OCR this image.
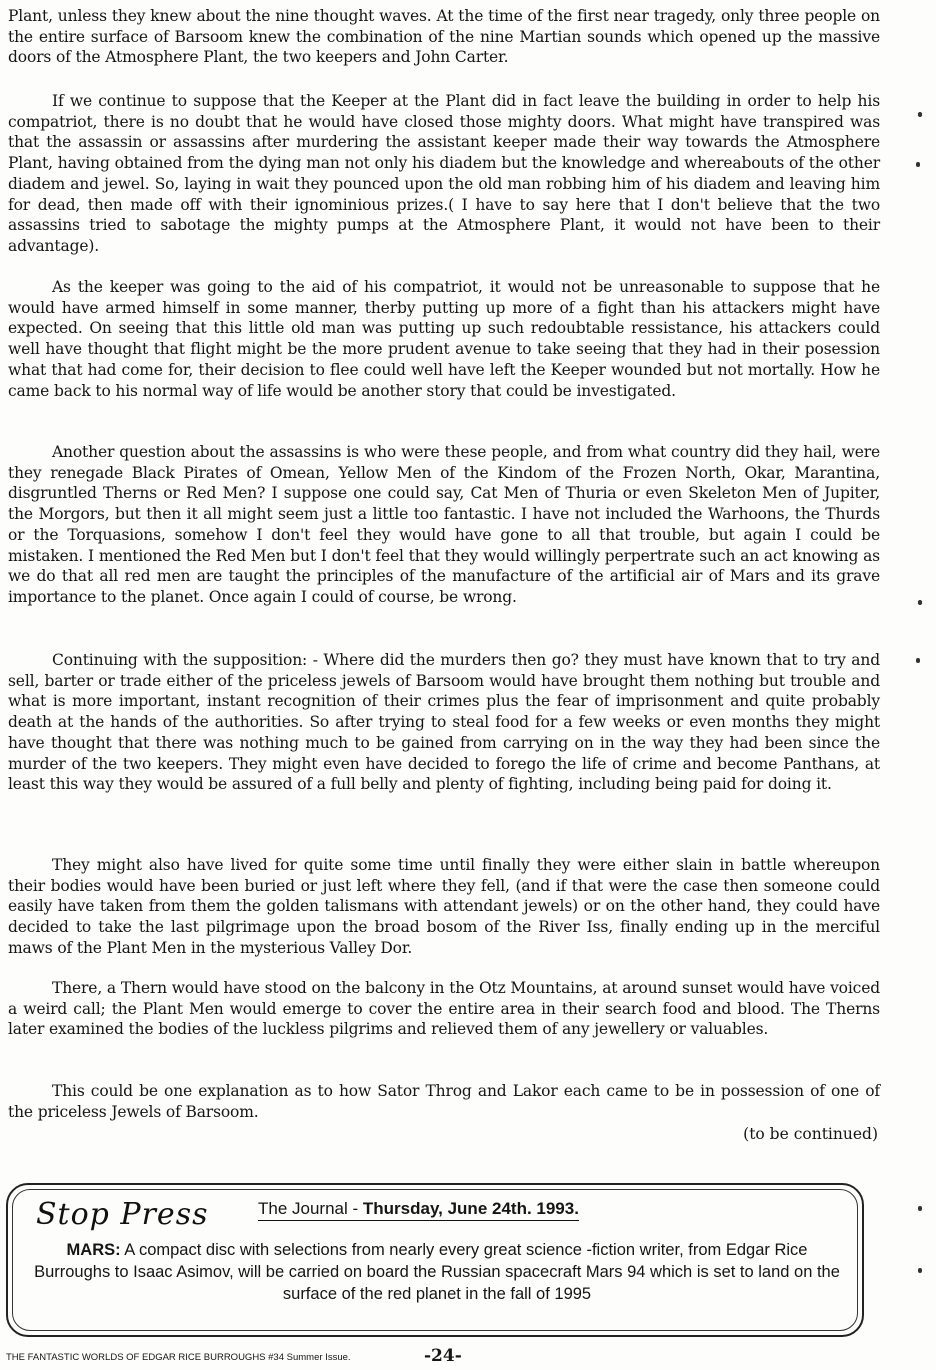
Plant, unless they knew about the nine thought waves. At the time of the first near tragedy, only three people on the entire surface of Barsoom knew the combination of the nine Martian sounds which opened up the massive doors of the Atmosphere Plant, the two keepers and John Carter.

If we continue to suppose that the Keeper at the Plant did in fact leave the building in order to help his compatriot, there is no doubt that he would have closed those mighty doors. What might have transpired was that the assassin or assassins after murdering the assistant keeper made their way towards the Atmosphere Plant, having obtained from the dying man not only his diadem but the knowledge and whereabouts of the other diadem and jewel. So, laying in wait they pounced upon the old man robbing him of his diadem and leaving him for dead, then made off with their ignominious prizes.( I have to say here that I don't believe that the two assassins tried to sabotage the mighty pumps at the Atmosphere Plant, it would not have been to their advantage).

As the keeper was going to the aid of his compatriot, it would not be unreasonable to suppose that he would have armed himself in some manner, therby putting up more of a fight than his attackers might have expected. On seeing that this little old man was putting up such redoubtable ressistance, his attackers could well have thought that flight might be the more prudent avenue to take seeing that they had in their posession what that had come for, their decision to flee could well have left the Keeper wounded but not mortally. How he came back to his normal way of life would be another story that could be investigated.

Another question about the assassins is who were these people, and from what country did they hail, were they renegade Black Pirates of Omean, Yellow Men of the Kindom of the Frozen North, Okar, Marantina, disgruntled Therns or Red Men? I suppose one could say, Cat Men of Thuria or even Skeleton Men of Jupiter, the Morgors, but then it all might seem just a little too fantastic. I have not included the Warhoons, the Thurds or the Torquasions, somehow I don't feel they would have gone to all that trouble, but again I could be mistaken. I mentioned the Red Men but I don't feel that they would willingly perpertrate such an act knowing as we do that all red men are taught the principles of the manufacture of the artificial air of Mars and its grave importance to the planet. Once again I could of course, be wrong.

Continuing with the supposition: - Where did the murders then go? they must have known that to try and sell, barter or trade either of the priceless jewels of Barsoom would have brought them nothing but trouble and what is more important, instant recognition of their crimes plus the fear of imprisonment and quite probably death at the hands of the authorities. So after trying to steal food for a few weeks or even months they might have thought that there was nothing much to be gained from carrying on in the way they had been since the murder of the two keepers. They might even have decided to forego the life of crime and become Panthans, at least this way they would be assured of a full belly and plenty of fighting, including being paid for doing it.

They might also have lived for quite some time until finally they were either slain in battle whereupon their bodies would have been buried or just left where they fell, (and if that were the case then someone could easily have taken from them the golden talismans with attendant jewels) or on the other hand, they could have decided to take the last pilgrimage upon the broad bosom of the River Iss, finally ending up in the merciful maws of the Plant Men in the mysterious Valley Dor.

There, a Thern would have stood on the balcony in the Otz Mountains, at around sunset would have voiced a weird call; the Plant Men would emerge to cover the entire area in their search food and blood. The Therns later examined the bodies of the luckless pilgrims and relieved them of any jewellery or valuables.

This could be one explanation as to how Sator Throg and Lakor each came to be in possession of one of the priceless Jewels of Barsoom.

(to be continued)
Stop Press	The Journal - Thursday, June 24th. 1993.
MARS: A compact disc with selections from nearly every great science -fiction writer, from Edgar Rice Burroughs to Isaac Asimov, will be carried on board the Russian spacecraft Mars 94 which is set to land on the surface of the red planet in the fall of 1995
THE FANTASTIC WORLDS OF EDGAR RICE BURROUGHS #34 Summer Issue.	-24-
